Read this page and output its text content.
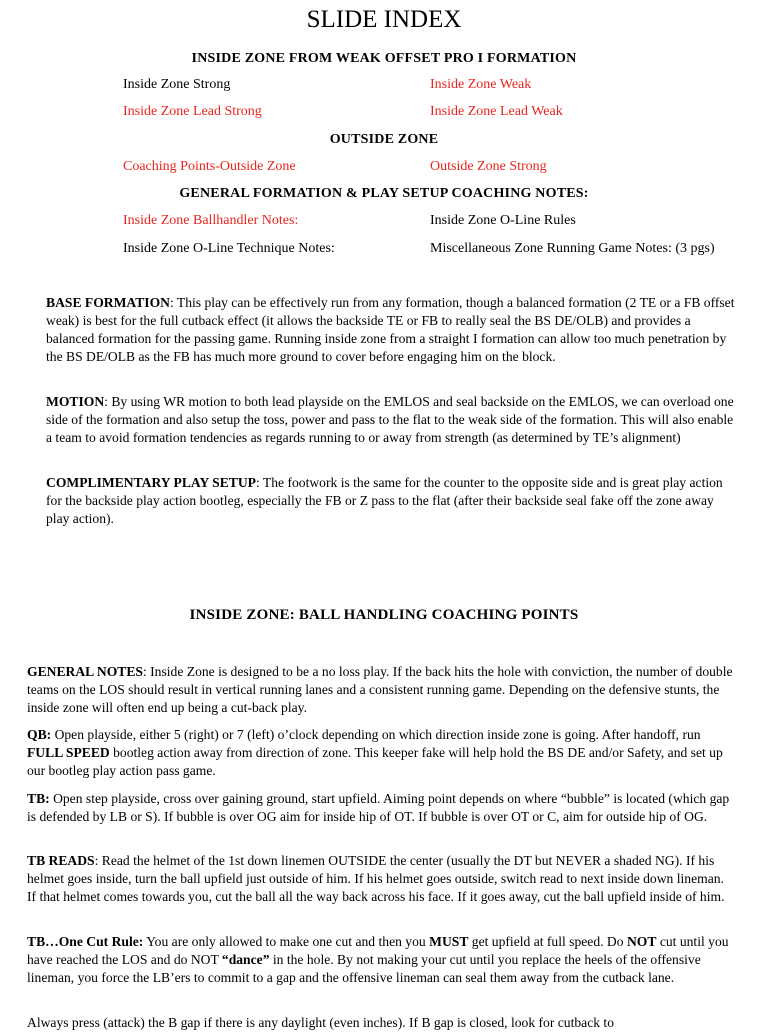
SLIDE INDEX
INSIDE ZONE FROM WEAK OFFSET PRO I FORMATION
Inside Zone Strong	Inside Zone Weak
Inside Zone Lead Strong	Inside Zone Lead Weak
OUTSIDE ZONE
Coaching Points-Outside Zone	Outside Zone Strong
GENERAL FORMATION & PLAY SETUP COACHING NOTES:
Inside Zone Ballhandler Notes:	Inside Zone O-Line Rules
Inside Zone O-Line Technique Notes:	Miscellaneous Zone Running Game Notes: (3 pgs)

BASE FORMATION: This play can be effectively run from any formation, though a balanced formation (2 TE or a FB offset weak) is best for the full cutback effect (it allows the backside TE or FB to really seal the BS DE/OLB) and provides a balanced formation for the passing game. Running inside zone from a straight I formation can allow too much penetration by the BS DE/OLB as the FB has much more ground to cover before engaging him on the block.

MOTION: By using WR motion to both lead playside on the EMLOS and seal backside on the EMLOS, we can overload one side of the formation and also setup the toss, power and pass to the flat to the weak side of the formation. This will also enable a team to avoid formation tendencies as regards running to or away from strength (as determined by TE’s alignment)

COMPLIMENTARY PLAY SETUP: The footwork is the same for the counter to the opposite side and is great play action for the backside play action bootleg, especially the FB or Z pass to the flat (after their backside seal fake off the zone away play action).

INSIDE ZONE: BALL HANDLING COACHING POINTS

GENERAL NOTES: Inside Zone is designed to be a no loss play. If the back hits the hole with conviction, the number of double teams on the LOS should result in vertical running lanes and a consistent running game. Depending on the defensive stunts, the inside zone will often end up being a cut-back play.

QB: Open playside, either 5 (right) or 7 (left) o’clock depending on which direction inside zone is going. After handoff, run FULL SPEED bootleg action away from direction of zone. This keeper fake will help hold the BS DE and/or Safety, and set up our bootleg play action pass game.

TB: Open step playside, cross over gaining ground, start upfield. Aiming point depends on where “bubble” is located (which gap is defended by LB or S). If bubble is over OG aim for inside hip of OT. If bubble is over OT or C, aim for outside hip of OG.

TB READS: Read the helmet of the 1st down linemen OUTSIDE the center (usually the DT but NEVER a shaded NG). If his helmet goes inside, turn the ball upfield just outside of him. If his helmet goes outside, switch read to next inside down lineman. If that helmet comes towards you, cut the ball all the way back across his face. If it goes away, cut the ball upfield inside of him.

TB…One Cut Rule: You are only allowed to make one cut and then you MUST get upfield at full speed. Do NOT cut until you have reached the LOS and do NOT “dance” in the hole. By not making your cut until you replace the heels of the offensive lineman, you force the LB’ers to commit to a gap and the offensive lineman can seal them away from the cutback lane.

Always press (attack) the B gap if there is any daylight (even inches). If B gap is closed, look for cutback to
